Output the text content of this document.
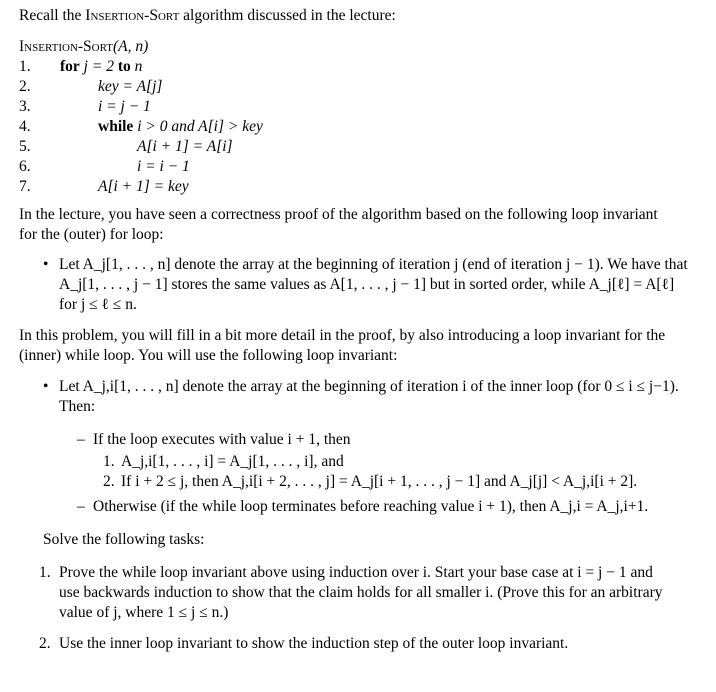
Recall the Insertion-Sort algorithm discussed in the lecture:
Insertion-Sort(A, n)
1. for j = 2 to n
2.	key = A[j]
3.	i = j − 1
4.	while i > 0 and A[i] > key
5.	A[i + 1] = A[i]
6.	i = i − 1
7.	A[i + 1] = key
In the lecture, you have seen a correctness proof of the algorithm based on the following loop invariant
for the (outer) for loop:
• Let A_j[1, . . . , n] denote the array at the beginning of iteration j (end of iteration j − 1). We have that
A_j[1, . . . , j − 1] stores the same values as A[1, . . . , j − 1] but in sorted order, while A_j[ℓ] = A[ℓ]
for j ≤ ℓ ≤ n.
In this problem, you will fill in a bit more detail in the proof, by also introducing a loop invariant for the
(inner) while loop. You will use the following loop invariant:
• Let A_j,i[1, . . . , n] denote the array at the beginning of iteration i of the inner loop (for 0 ≤ i ≤ j−1).
Then:
– If the loop executes with value i + 1, then
1. A_j,i[1, . . . , i] = A_j[1, . . . , i], and
2. If i + 2 ≤ j, then A_j,i[i + 2, . . . , j] = A_j[i + 1, . . . , j − 1] and A_j[j] < A_j,i[i + 2].
– Otherwise (if the while loop terminates before reaching value i + 1), then A_j,i = A_j,i+1.
Solve the following tasks:
1. Prove the while loop invariant above using induction over i. Start your base case at i = j − 1 and
use backwards induction to show that the claim holds for all smaller i. (Prove this for an arbitrary
value of j, where 1 ≤ j ≤ n.)
2. Use the inner loop invariant to show the induction step of the outer loop invariant.
